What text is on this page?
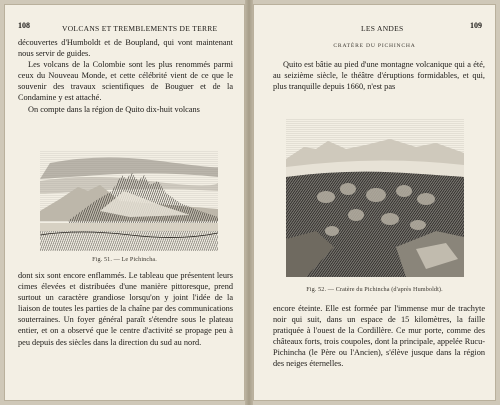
108	VOLCANS ET TREMBLEMENTS DE TERRE

découvertes d'Humboldt et de Boupland, qui vont maintenant nous servir de guides.

Les volcans de la Colombie sont les plus renommés parmi ceux du Nouveau Monde, et cette célébrité vient de ce que le souvenir des travaux scientifiques de Bouguer et de la Condamine y est attaché.

On compte dans la région de Quito dix-huit volcans

Fig. 51. — Le Pichincha.

dont six sont encore enflammés. Le tableau que présentent leurs cimes élevées et distribuées d'une manière pittoresque, prend surtout un caractère grandiose lorsqu'on y joint l'idée de la liaison de toutes les parties de la chaîne par des communications souterraines. Un foyer général paraît s'étendre sous le plateau entier, et on a observé que le centre d'activité se propage peu à peu depuis des siècles dans la direction du sud au nord.

LES ANDES	109
CRATÈRE DU PICHINCHA

Quito est bâtie au pied d'une montagne volcanique qui a été, au seizième siècle, le théâtre d'éruptions formidables, et qui, plus tranquille depuis 1660, n'est pas

Fig. 52. — Cratère du Pichincha (d'après Humboldt).

encore éteinte. Elle est formée par l'immense mur de trachyte noir qui suit, dans un espace de 15 kilomètres, la faille pratiquée à l'ouest de la Cordillère. Ce mur porte, comme des châteaux forts, trois coupoles, dont la principale, appelée Rucu-Pichincha (le Père ou l'Ancien), s'élève jusque dans la région des neiges éternelles.
